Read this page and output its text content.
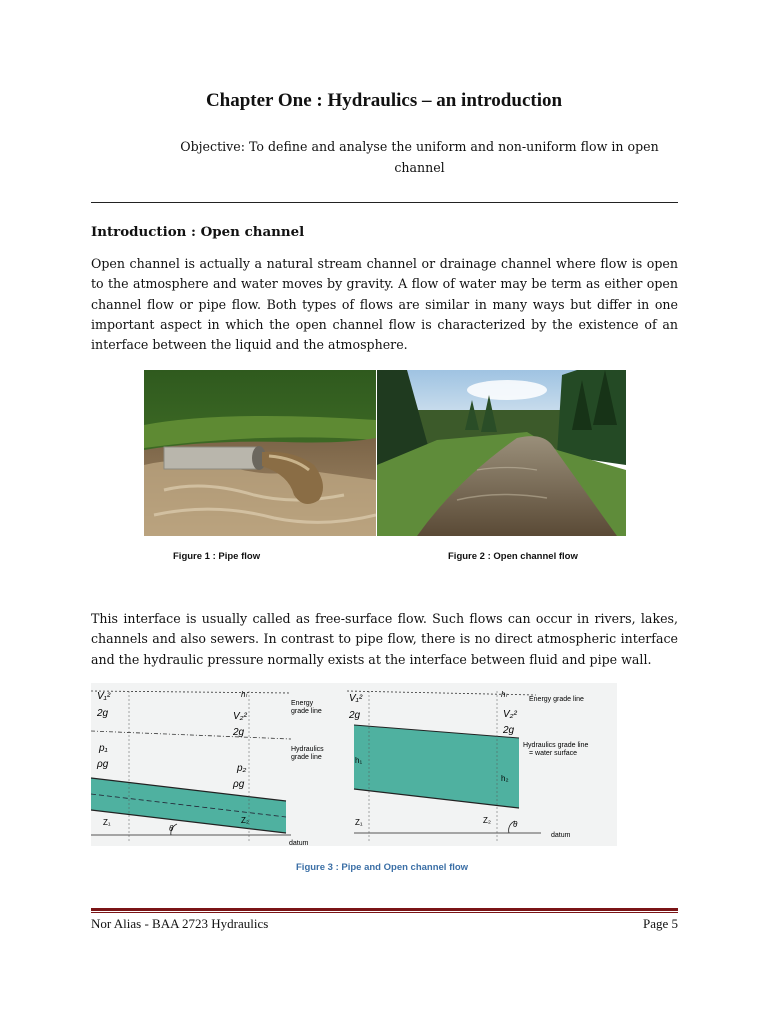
Chapter One : Hydraulics – an introduction
Objective: To define and analyse the uniform and non-uniform flow in open
channel
Introduction : Open channel
Open channel is actually a natural stream channel or drainage channel where flow is open to the atmosphere and water moves by gravity. A flow of water may be term as either open channel flow or pipe flow. Both types of flows are similar in many ways but differ in one important aspect in which the open channel flow is characterized by the existence of an interface between the liquid and the atmosphere.
Figure 1 : Pipe flow	Figure 2 : Open channel flow
This interface is usually called as free-surface flow. Such flows can occur in rivers, lakes, channels and also sewers. In contrast to pipe flow, there is no direct atmospheric interface and the hydraulic pressure normally exists at the interface between fluid and pipe wall.
V₁²
2g
hₗ
V₂²
2g
p₁
ρg	p₂
ρg
Z₁	Z₂
θ
Energy
grade line
Hydraulics
grade line
datum
V₁²
2g
hₗ
V₂²
2g
h₁
h₂
Z₁	Z₂	θ
Energy grade line
Hydraulics grade line
= water surface
datum
Figure 3 : Pipe and Open channel flow
Nor Alias - BAA 2723 Hydraulics	Page 5
